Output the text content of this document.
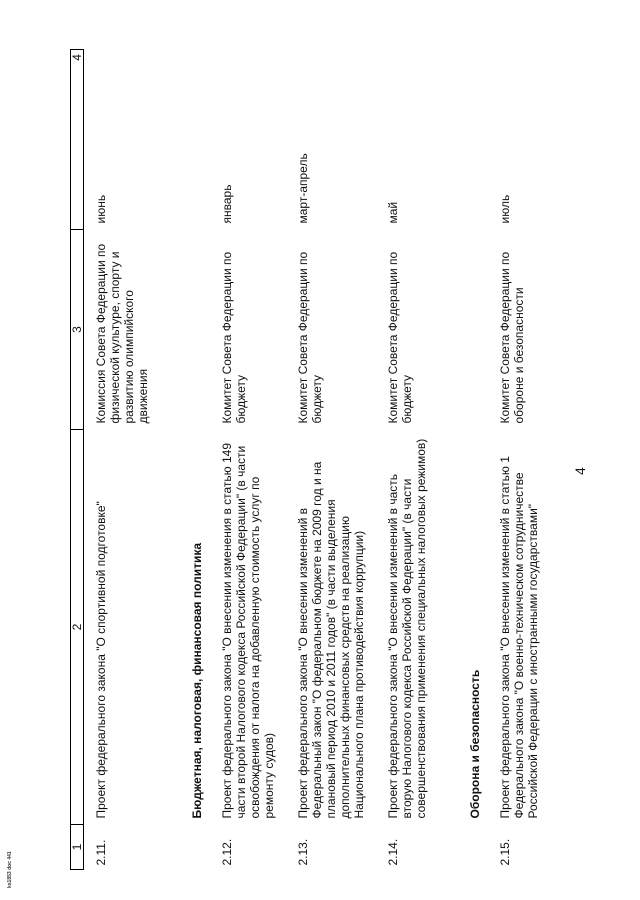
4
ks1853 doc 441
1	2	3	4

2.11.	Проект федерального закона "О спортивной подготовке"	Комиссия Совета Федерации по физической культуре, спорту и развитию олимпийского движения	июнь
	Бюджетная, налоговая, финансовая политика		
2.12.	Проект федерального закона "О внесении изменения в статью 149 части второй Налогового кодекса Российской Федерации" (в части освобождения от налога на добавленную стоимость услуг по ремонту судов)	Комитет Совета Федерации по бюджету	январь
2.13.	Проект федерального закона "О внесении изменений в Федеральный закон "О федеральном бюджете на 2009 год и на плановый период 2010 и 2011 годов" (в части выделения дополнительных финансовых средств на реализацию Национального плана противодействия коррупции)	Комитет Совета Федерации по бюджету	март-апрель
2.14.	Проект федерального закона "О внесении изменений в часть вторую Налогового кодекса Российской Федерации" (в части совершенствования применения специальных налоговых режимов)	Комитет Совета Федерации по бюджету	май
	Оборона и безопасность		
2.15.	Проект федерального закона "О внесении изменений в статью 1 Федерального закона "О военно-техническом сотрудничестве Российской Федерации с иностранными государствами"	Комитет Совета Федерации по обороне и безопасности	июль
